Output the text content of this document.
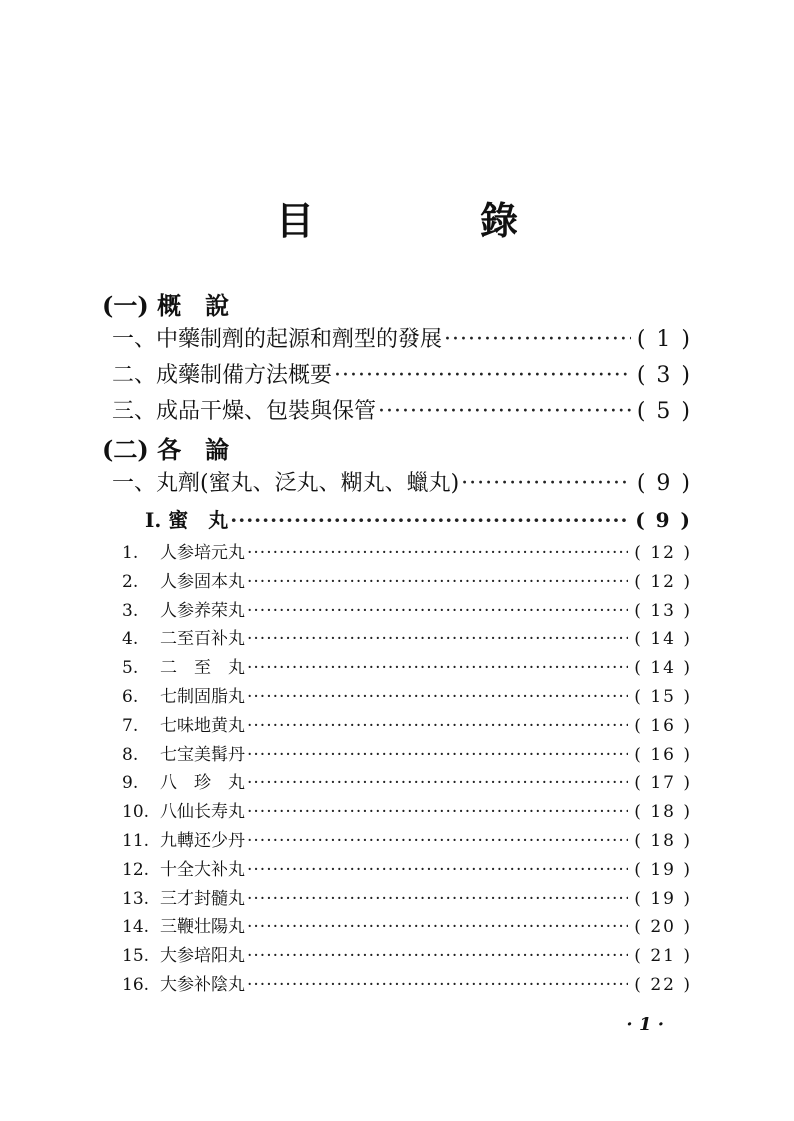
目　錄
(一) 概　說
一、中藥制劑的起源和劑型的發展 ·····	( 1 )
二、成藥制備方法概要 ·····	( 3 )
三、成品干燥、包裝與保管 ·····	( 5 )
(二) 各　論
一、丸劑(蜜丸、泛丸、糊丸、蠟丸) ·····	( 9 )
Ⅰ. 蜜　丸 ·····	( 9 )
1. 人参培元丸 ·····	( 12 )
2. 人参固本丸 ·····	( 12 )
3. 人参养荣丸 ·····	( 13 )
4. 二至百补丸 ·····	( 14 )
5. 二　至　丸 ·····	( 14 )
6. 七制固脂丸 ·····	( 15 )
7. 七味地黄丸 ·····	( 16 )
8. 七宝美髯丹 ·····	( 16 )
9. 八　珍　丸 ·····	( 17 )
10. 八仙长寿丸 ·····	( 18 )
11. 九轉还少丹 ·····	( 18 )
12. 十全大补丸 ·····	( 19 )
13. 三才封髓丸 ·····	( 19 )
14. 三鞭壮陽丸 ·····	( 20 )
15. 大参培阳丸 ·····	( 21 )
16. 大参补陰丸 ·····	( 22 )
· 1 ·
